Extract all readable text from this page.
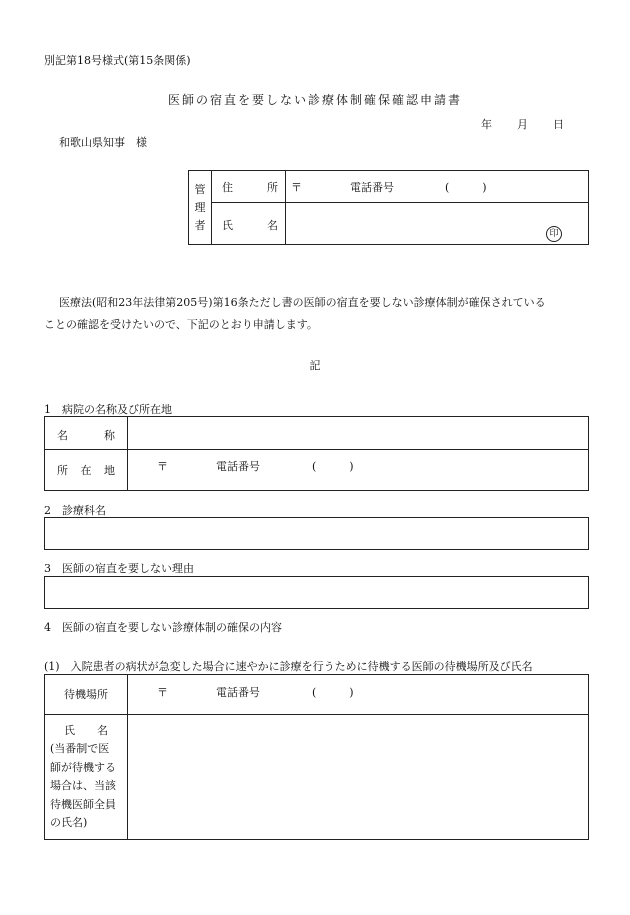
別記第18号様式(第15条関係)
医師の宿直を要しない診療体制確保確認申請書
年 月 日
和歌山県知事　様
管
理
者
住	所 〒	電話番号	(　　　)
氏	名
印
医療法(昭和23年法律第205号)第16条ただし書の医師の宿直を要しない診療体制が確保されている
ことの確認を受けたいので、下記のとおり申請します。
記
1　病院の名称及び所在地
名	称
所 在 地	〒	電話番号	(　　　)
2　診療科名
3　医師の宿直を要しない理由
4　医師の宿直を要しない診療体制の確保の内容
(1)　入院患者の病状が急変した場合に速やかに診療を行うために待機する医師の待機場所及び氏名
待機場所	〒	電話番号	(　　　)
氏 名
(当番制で医
師が待機する
場合は、当該
待機医師全員
の氏名)
